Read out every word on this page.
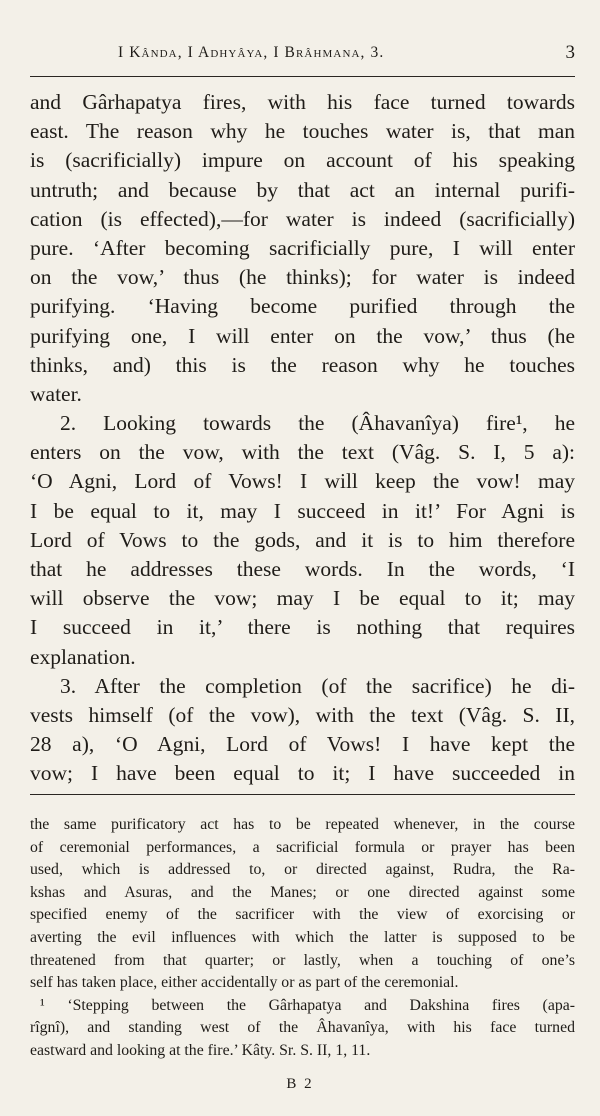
I Kânda, I Adhyâya, I Brâhmana, 3.	3
and Gârhapatya fires, with his face turned towards
east. The reason why he touches water is, that man
is (sacrificially) impure on account of his speaking
untruth; and because by that act an internal purifi-
cation (is effected),—for water is indeed (sacrificially)
pure. ‘After becoming sacrificially pure, I will enter
on the vow,’ thus (he thinks); for water is indeed
purifying. ‘Having become purified through the
purifying one, I will enter on the vow,’ thus (he
thinks, and) this is the reason why he touches
water.
2. Looking towards the (Âhavanîya) fire¹, he
enters on the vow, with the text (Vâg. S. I, 5 a):
‘O Agni, Lord of Vows! I will keep the vow! may
I be equal to it, may I succeed in it!’ For Agni is
Lord of Vows to the gods, and it is to him therefore
that he addresses these words. In the words, ‘I
will observe the vow; may I be equal to it; may
I succeed in it,’ there is nothing that requires
explanation.
3. After the completion (of the sacrifice) he di-
vests himself (of the vow), with the text (Vâg. S. II,
28 a), ‘O Agni, Lord of Vows! I have kept the
vow; I have been equal to it; I have succeeded in
the same purificatory act has to be repeated whenever, in the course
of ceremonial performances, a sacrificial formula or prayer has been
used, which is addressed to, or directed against, Rudra, the Ra-
kshas and Asuras, and the Manes; or one directed against some
specified enemy of the sacrificer with the view of exorcising or
averting the evil influences with which the latter is supposed to be
threatened from that quarter; or lastly, when a touching of one’s
self has taken place, either accidentally or as part of the ceremonial.
¹ ‘Stepping between the Gârhapatya and Dakshina fires (apa-
rîgnî), and standing west of the Âhavanîya, with his face turned
eastward and looking at the fire.’ Kâty. Sr. S. II, 1, 11.
B 2
